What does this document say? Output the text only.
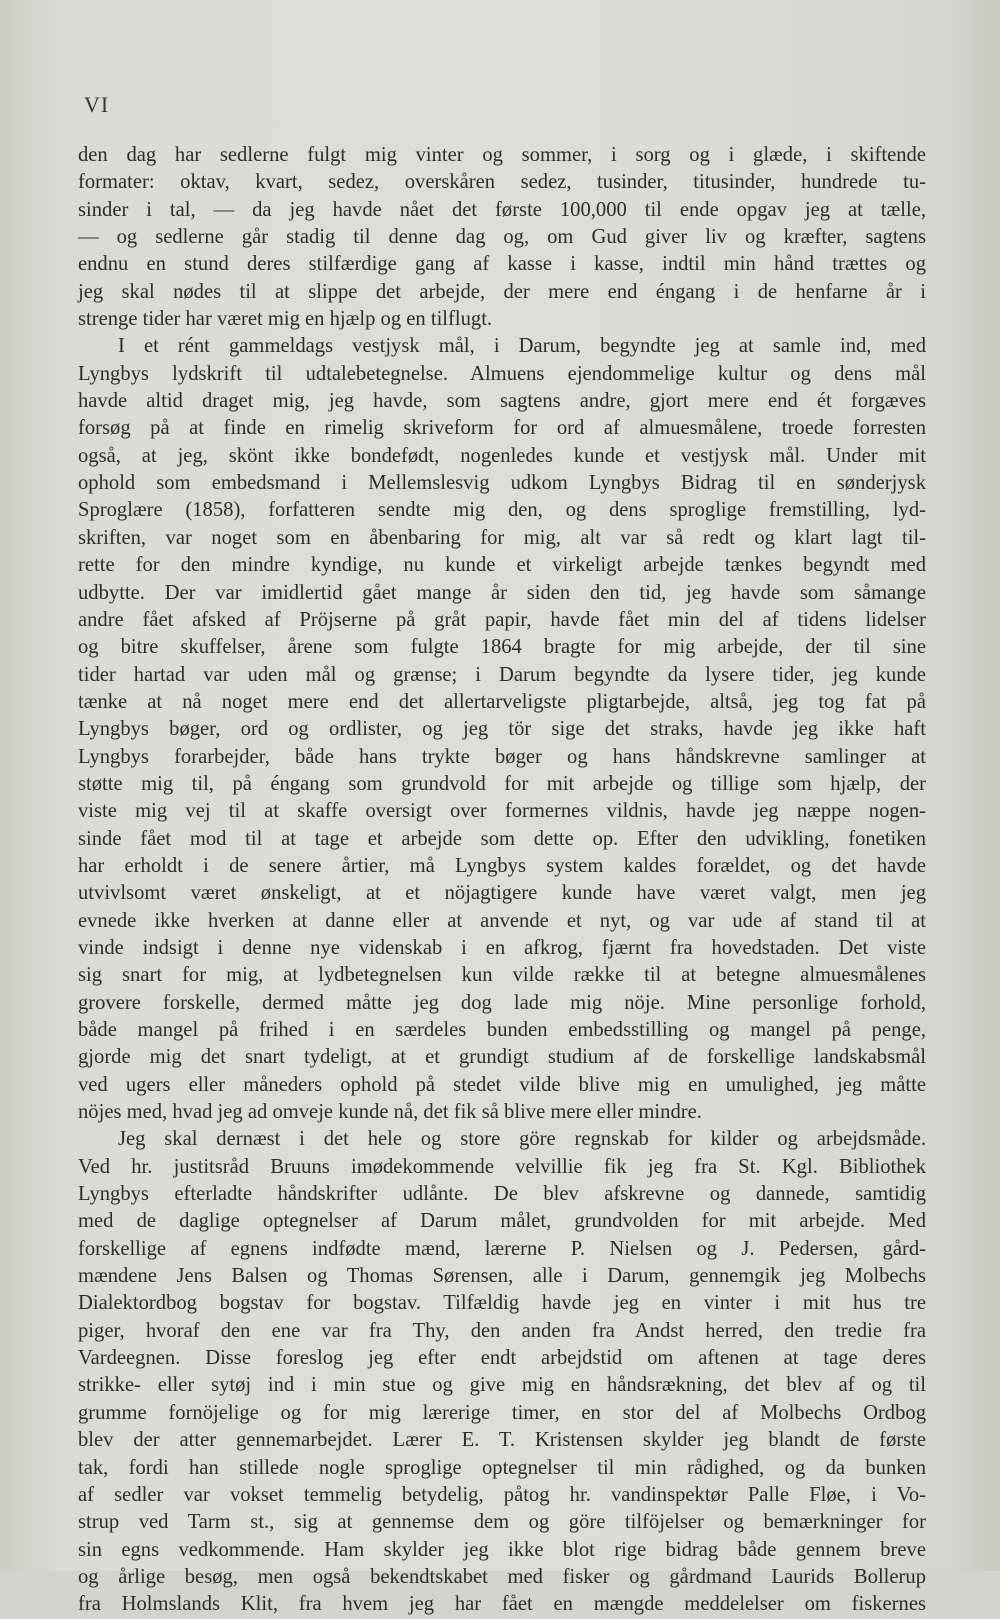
VI
den dag har sedlerne fulgt mig vinter og sommer, i sorg og i glæde, i skiftende
formater: oktav, kvart, sedez, overskåren sedez, tusinder, titusinder, hundrede tu-
sinder i tal, — da jeg havde nået det første 100,000 til ende opgav jeg at tælle,
— og sedlerne går stadig til denne dag og, om Gud giver liv og kræfter, sagtens
endnu en stund deres stilfærdige gang af kasse i kasse, indtil min hånd trættes og
jeg skal nødes til at slippe det arbejde, der mere end éngang i de henfarne år i
strenge tider har været mig en hjælp og en tilflugt.
I et rént gammeldags vestjysk mål, i Darum, begyndte jeg at samle ind, med
Lyngbys lydskrift til udtalebetegnelse. Almuens ejendommelige kultur og dens mål
havde altid draget mig, jeg havde, som sagtens andre, gjort mere end ét forgæves
forsøg på at finde en rimelig skriveform for ord af almuesmålene, troede forresten
også, at jeg, skönt ikke bondefødt, nogenledes kunde et vestjysk mål. Under mit
ophold som embedsmand i Mellemslesvig udkom Lyngbys Bidrag til en sønderjysk
Sproglære (1858), forfatteren sendte mig den, og dens sproglige fremstilling, lyd-
skriften, var noget som en åbenbaring for mig, alt var så redt og klart lagt til-
rette for den mindre kyndige, nu kunde et virkeligt arbejde tænkes begyndt med
udbytte. Der var imidlertid gået mange år siden den tid, jeg havde som såmange
andre fået afsked af Pröjserne på gråt papir, havde fået min del af tidens lidelser
og bitre skuffelser, årene som fulgte 1864 bragte for mig arbejde, der til sine
tider hartad var uden mål og grænse; i Darum begyndte da lysere tider, jeg kunde
tænke at nå noget mere end det allertarveligste pligtarbejde, altså, jeg tog fat på
Lyngbys bøger, ord og ordlister, og jeg tör sige det straks, havde jeg ikke haft
Lyngbys forarbejder, både hans trykte bøger og hans håndskrevne samlinger at
støtte mig til, på éngang som grundvold for mit arbejde og tillige som hjælp, der
viste mig vej til at skaffe oversigt over formernes vildnis, havde jeg næppe nogen-
sinde fået mod til at tage et arbejde som dette op. Efter den udvikling, fonetiken
har erholdt i de senere årtier, må Lyngbys system kaldes forældet, og det havde
utvivlsomt været ønskeligt, at et nöjagtigere kunde have været valgt, men jeg
evnede ikke hverken at danne eller at anvende et nyt, og var ude af stand til at
vinde indsigt i denne nye videnskab i en afkrog, fjærnt fra hovedstaden. Det viste
sig snart for mig, at lydbetegnelsen kun vilde række til at betegne almuesmålenes
grovere forskelle, dermed måtte jeg dog lade mig nöje. Mine personlige forhold,
både mangel på frihed i en særdeles bunden embedsstilling og mangel på penge,
gjorde mig det snart tydeligt, at et grundigt studium af de forskellige landskabsmål
ved ugers eller måneders ophold på stedet vilde blive mig en umulighed, jeg måtte
nöjes med, hvad jeg ad omveje kunde nå, det fik så blive mere eller mindre.
Jeg skal dernæst i det hele og store göre regnskab for kilder og arbejdsmåde.
Ved hr. justitsråd Bruuns imødekommende velvillie fik jeg fra St. Kgl. Bibliothek
Lyngbys efterladte håndskrifter udlånte. De blev afskrevne og dannede, samtidig
med de daglige optegnelser af Darum målet, grundvolden for mit arbejde. Med
forskellige af egnens indfødte mænd, lærerne P. Nielsen og J. Pedersen, gård-
mændene Jens Balsen og Thomas Sørensen, alle i Darum, gennemgik jeg Molbechs
Dialektordbog bogstav for bogstav. Tilfældig havde jeg en vinter i mit hus tre
piger, hvoraf den ene var fra Thy, den anden fra Andst herred, den tredie fra
Vardeegnen. Disse foreslog jeg efter endt arbejdstid om aftenen at tage deres
strikke- eller sytøj ind i min stue og give mig en håndsrækning, det blev af og til
grumme fornöjelige og for mig lærerige timer, en stor del af Molbechs Ordbog
blev der atter gennemarbejdet. Lærer E. T. Kristensen skylder jeg blandt de første
tak, fordi han stillede nogle sproglige optegnelser til min rådighed, og da bunken
af sedler var vokset temmelig betydelig, påtog hr. vandinspektør Palle Fløe, i Vo-
strup ved Tarm st., sig at gennemse dem og göre tilföjelser og bemærkninger for
sin egns vedkommende. Ham skylder jeg ikke blot rige bidrag både gennem breve
og årlige besøg, men også bekendtskabet med fisker og gårdmand Laurids Bollerup
fra Holmslands Klit, fra hvem jeg har fået en mængde meddelelser om fiskernes
